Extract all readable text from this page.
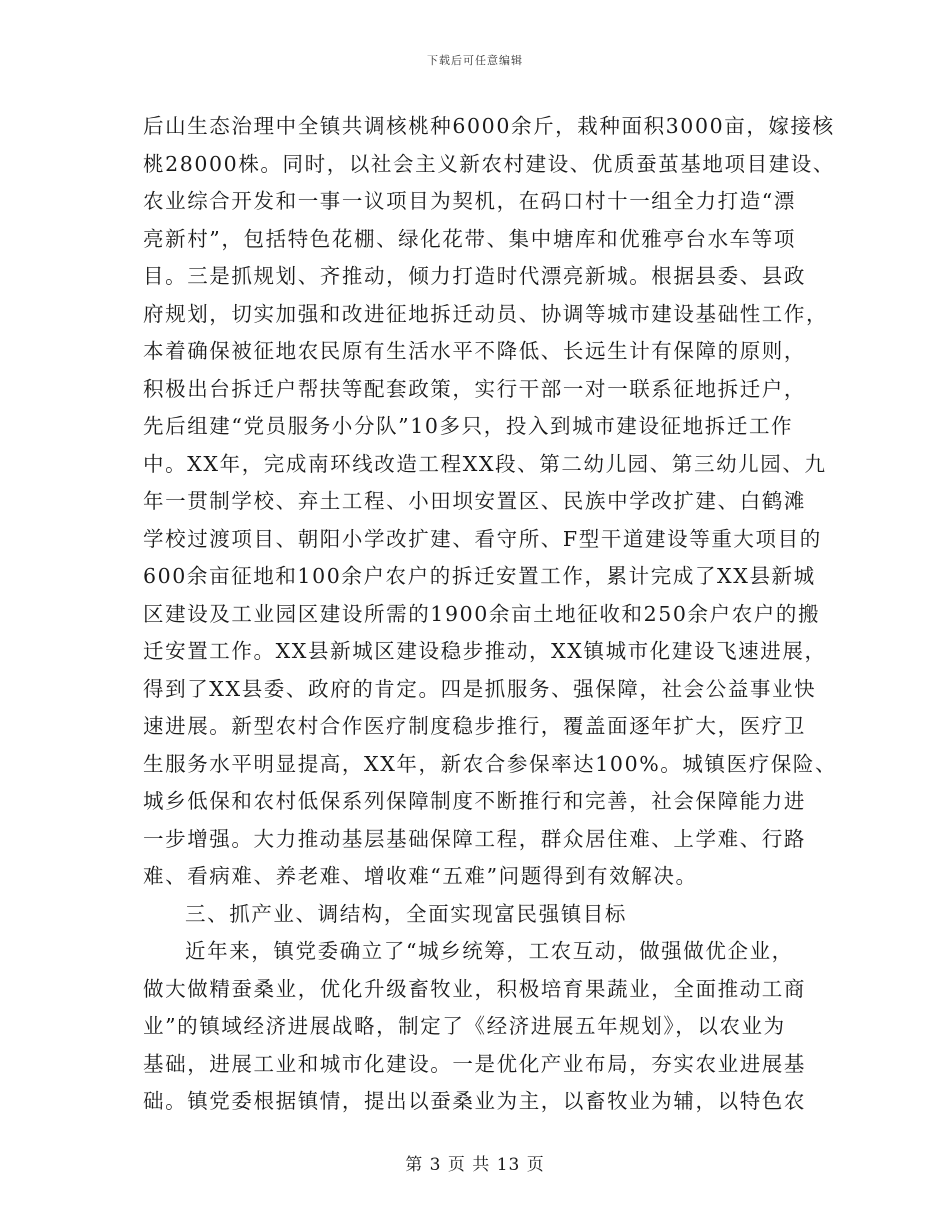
下载后可任意编辑
后山生态治理中全镇共调核桃种6000余斤，栽种面积3000亩，嫁接核
桃28000株。同时，以社会主义新农村建设、优质蚕茧基地项目建设、
农业综合开发和一事一议项目为契机，在码口村十一组全力打造“漂
亮新村”，包括特色花棚、绿化花带、集中塘库和优雅亭台水车等项
目。三是抓规划、齐推动，倾力打造时代漂亮新城。根据县委、县政
府规划，切实加强和改进征地拆迁动员、协调等城市建设基础性工作，
本着确保被征地农民原有生活水平不降低、长远生计有保障的原则，
积极出台拆迁户帮扶等配套政策，实行干部一对一联系征地拆迁户，
先后组建“党员服务小分队”10多只，投入到城市建设征地拆迁工作
中。XX年，完成南环线改造工程XX段、第二幼儿园、第三幼儿园、九
年一贯制学校、弃土工程、小田坝安置区、民族中学改扩建、白鹤滩
学校过渡项目、朝阳小学改扩建、看守所、F型干道建设等重大项目的
600余亩征地和100余户农户的拆迁安置工作，累计完成了XX县新城
区建设及工业园区建设所需的1900余亩土地征收和250余户农户的搬
迁安置工作。XX县新城区建设稳步推动，XX镇城市化建设飞速进展，
得到了XX县委、政府的肯定。四是抓服务、强保障，社会公益事业快
速进展。新型农村合作医疗制度稳步推行，覆盖面逐年扩大，医疗卫
生服务水平明显提高，XX年，新农合参保率达100%。城镇医疗保险、
城乡低保和农村低保系列保障制度不断推行和完善，社会保障能力进
一步增强。大力推动基层基础保障工程，群众居住难、上学难、行路
难、看病难、养老难、增收难“五难”问题得到有效解决。
三、抓产业、调结构，全面实现富民强镇目标
近年来，镇党委确立了“城乡统筹，工农互动，做强做优企业，
做大做精蚕桑业，优化升级畜牧业，积极培育果蔬业，全面推动工商
业”的镇域经济进展战略，制定了《经济进展五年规划》，以农业为
基础，进展工业和城市化建设。一是优化产业布局，夯实农业进展基
础。镇党委根据镇情，提出以蚕桑业为主，以畜牧业为辅，以特色农
第 3 页 共 13 页
